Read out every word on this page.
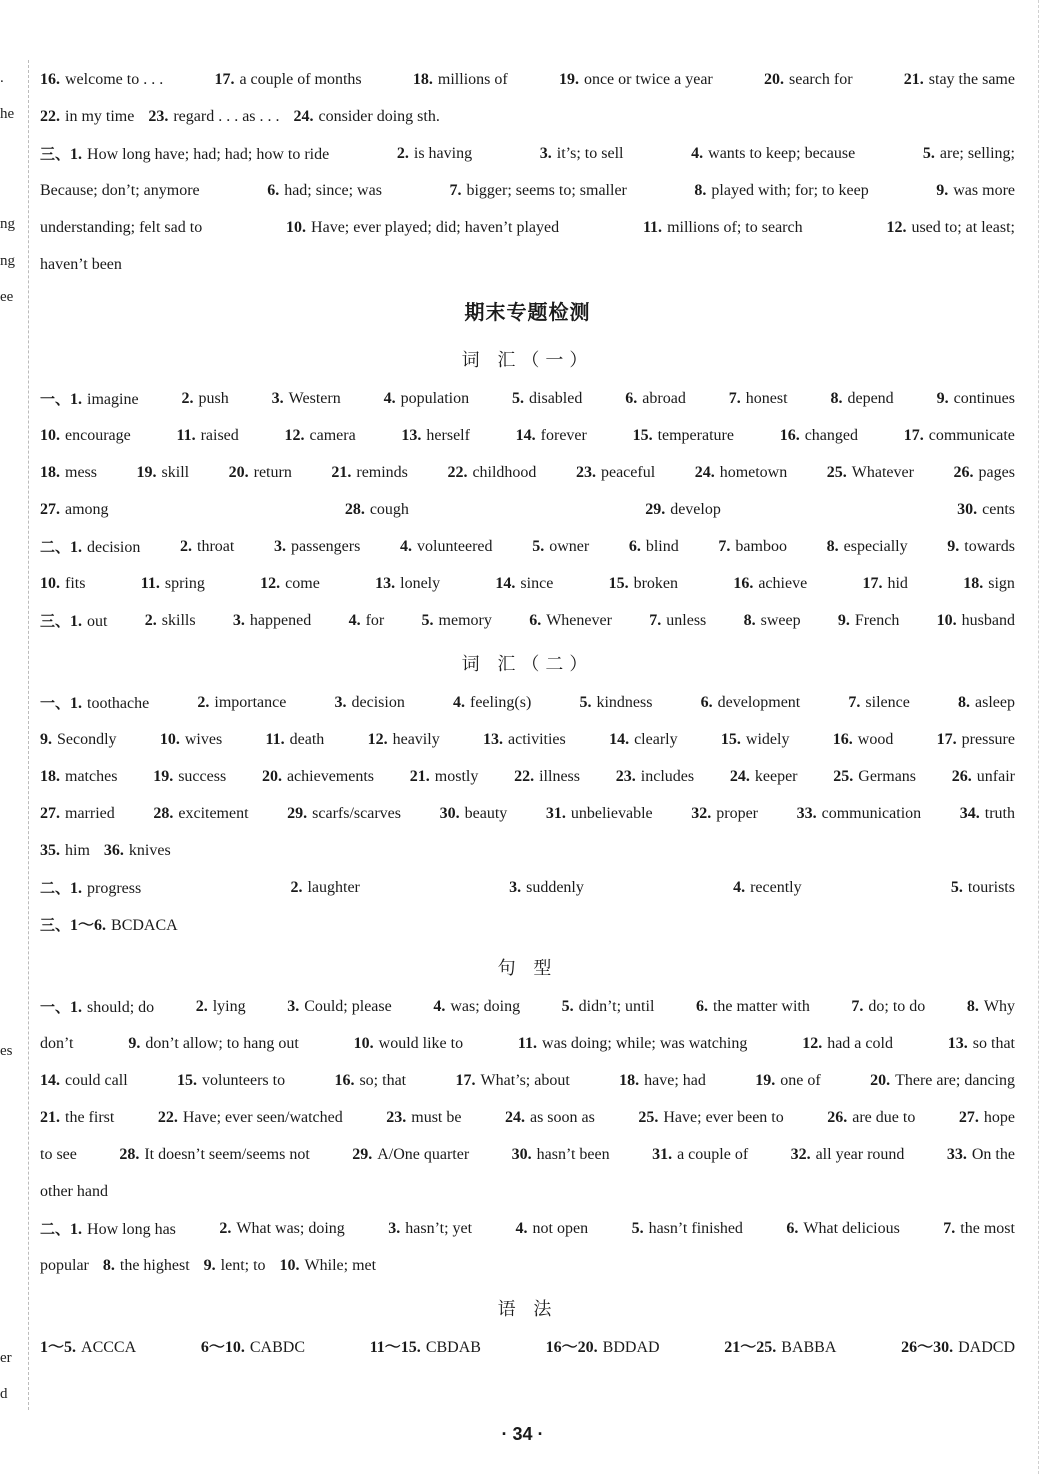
.
he
ng
ng
ee
es
er
d
16. welcome to . . .	17. a couple of months	18. millions of	19. once or twice a year	20. search for	21. stay the same
22. in my time 23. regard . . . as . . . 24. consider doing sth.
三、1. How long have; had; had; how to ride	2. is having	3. it’s; to sell	4. wants to keep; because	5. are; selling;
Because; don’t; anymore	6. had; since; was	7. bigger; seems to; smaller	8. played with; for; to keep	9. was more
understanding; felt sad to	10. Have; ever played; did; haven’t played	11. millions of; to search	12. used to; at least;
haven’t been
期末专题检测
词 汇（一）
一、1. imagine	2. push	3. Western	4. population	5. disabled	6. abroad	7. honest	8. depend	9. continues
10. encourage	11. raised	12. camera	13. herself	14. forever	15. temperature	16. changed	17. communicate
18. mess 19. skill 20. return 21. reminds 22. childhood 23. peaceful 24. hometown 25. Whatever 26. pages
27. among	28. cough	29. develop	30. cents
二、1. decision 2. throat 3. passengers 4. volunteered 5. owner 6. blind 7. bamboo 8. especially 9. towards
10. fits	11. spring	12. come	13. lonely	14. since	15. broken	16. achieve	17. hid	18. sign
三、1. out 2. skills 3. happened 4. for 5. memory 6. Whenever 7. unless 8. sweep 9. French 10. husband
词 汇（二）
一、1. toothache	2. importance	3. decision	4. feeling(s)	5. kindness	6. development	7. silence	8. asleep
9. Secondly	10. wives	11. death	12. heavily	13. activities	14. clearly	15. widely	16. wood	17. pressure
18. matches 19. success 20. achievements 21. mostly 22. illness 23. includes 24. keeper 25. Germans 26. unfair
27. married 28. excitement 29. scarfs/scarves 30. beauty 31. unbelievable 32. proper 33. communication 34. truth
35. him 36. knives
二、1. progress	2. laughter	3. suddenly	4. recently	5. tourists
三、1～6. BCDACA
句 型
一、1. should; do	2. lying	3. Could; please	4. was; doing	5. didn’t; until	6. the matter with	7. do; to do	8. Why
don’t	9. don’t allow; to hang out	10. would like to	11. was doing; while; was watching	12. had a cold	13. so that
14. could call	15. volunteers to	16. so; that	17. What’s; about	18. have; had	19. one of	20. There are; dancing
21. the first	22. Have; ever seen/watched	23. must be	24. as soon as	25. Have; ever been to	26. are due to	27. hope
to see	28. It doesn’t seem/seems not	29. A/One quarter	30. hasn’t been	31. a couple of	32. all year round	33. On the
other hand
二、1. How long has	2. What was; doing	3. hasn’t; yet	4. not open	5. hasn’t finished	6. What delicious	7. the most
popular 8. the highest 9. lent; to 10. While; met
语 法
1～5. ACCCA	6～10. CABDC	11～15. CBDAB	16～20. BDDAD	21～25. BABBA	26～30. DADCD
· 34 ·
